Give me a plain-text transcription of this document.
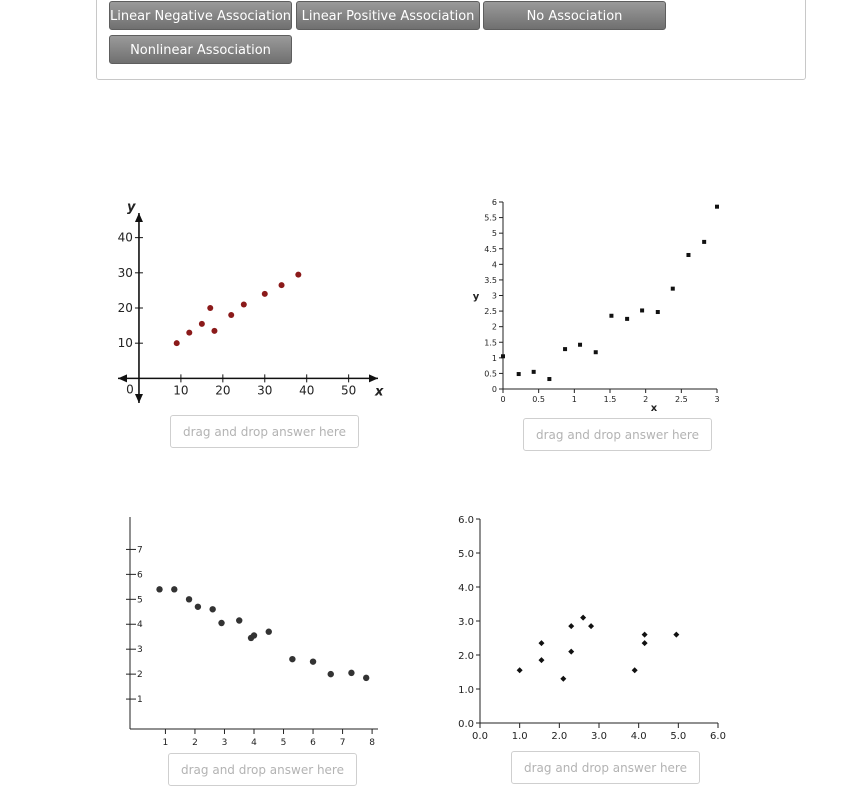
Linear Negative Association Linear Positive Association	No Association
Nonlinear Association
10 20 30 40 50
10
20
30
40
0	x
y
0	0.5	1	1.5	2	2.5	3
0
0.5
1
1.5
2
2.5
3
3.5
4
4.5
5
5.5
6
x
y
1	2	3	4	5	6	7	8
1
2
3
4
5
6
7
0.0 1.0 2.0 3.0 4.0 5.0 6.0
0.0
1.0
2.0
3.0
4.0
5.0
6.0
drag and drop answer here	drag and drop answer here
drag and drop answer here	drag and drop answer here
